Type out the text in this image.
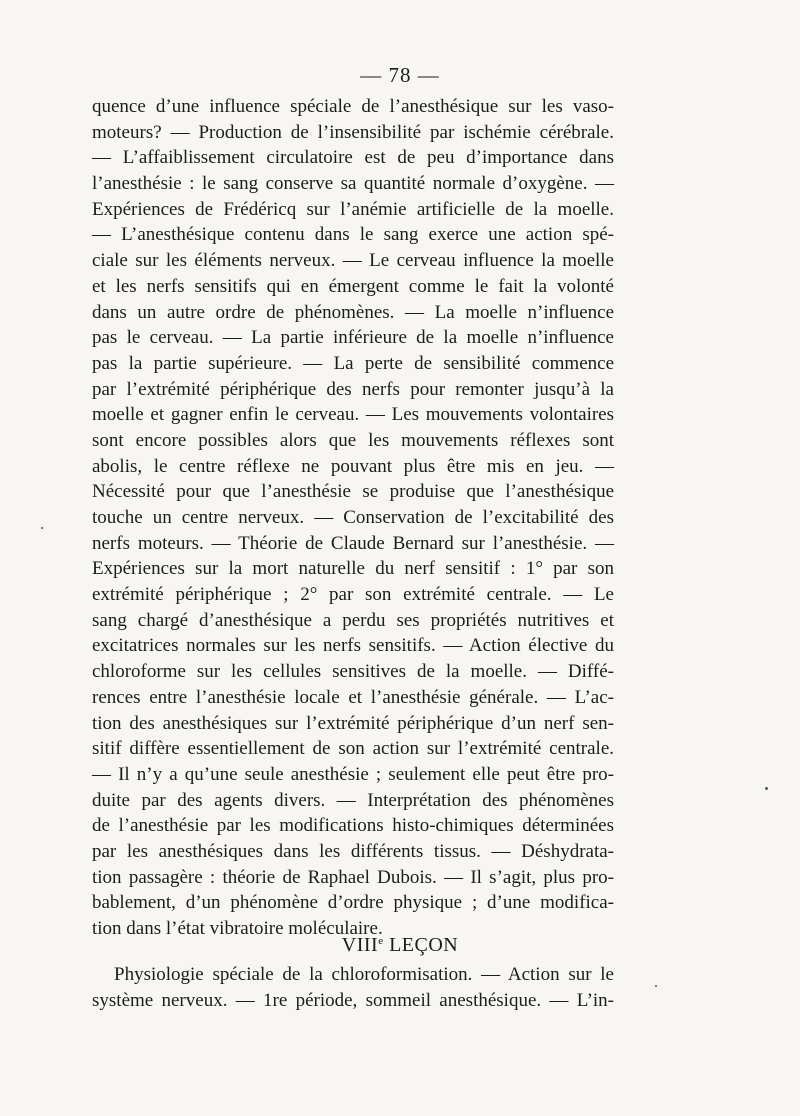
— 78 —
quence d’une influence spéciale de l’anesthésique sur les vaso-
moteurs? — Production de l’insensibilité par ischémie cérébrale.
— L’affaiblissement circulatoire est de peu d’importance dans
l’anesthésie : le sang conserve sa quantité normale d’oxygène. —
Expériences de Frédéricq sur l’anémie artificielle de la moelle.
— L’anesthésique contenu dans le sang exerce une action spé-
ciale sur les éléments nerveux. — Le cerveau influence la moelle
et les nerfs sensitifs qui en émergent comme le fait la volonté
dans un autre ordre de phénomènes. — La moelle n’influence
pas le cerveau. — La partie inférieure de la moelle n’influence
pas la partie supérieure. — La perte de sensibilité commence
par l’extrémité périphérique des nerfs pour remonter jusqu’à la
moelle et gagner enfin le cerveau. — Les mouvements volontaires
sont encore possibles alors que les mouvements réflexes sont
abolis, le centre réflexe ne pouvant plus être mis en jeu. —
Nécessité pour que l’anesthésie se produise que l’anesthésique
touche un centre nerveux. — Conservation de l’excitabilité des
nerfs moteurs. — Théorie de Claude Bernard sur l’anesthésie. —
Expériences sur la mort naturelle du nerf sensitif : 1° par son
extrémité périphérique ; 2° par son extrémité centrale. — Le
sang chargé d’anesthésique a perdu ses propriétés nutritives et
excitatrices normales sur les nerfs sensitifs. — Action élective du
chloroforme sur les cellules sensitives de la moelle. — Diffé-
rences entre l’anesthésie locale et l’anesthésie générale. — L’ac-
tion des anesthésiques sur l’extrémité périphérique d’un nerf sen-
sitif diffère essentiellement de son action sur l’extrémité centrale.
— Il n’y a qu’une seule anesthésie ; seulement elle peut être pro-
duite par des agents divers. — Interprétation des phénomènes
de l’anesthésie par les modifications histo-chimiques déterminées
par les anesthésiques dans les différents tissus. — Déshydrata-
tion passagère : théorie de Raphael Dubois. — Il s’agit, plus pro-
bablement, d’un phénomène d’ordre physique ; d’une modifica-
tion dans l’état vibratoire moléculaire.
VIIIe LEÇON
Physiologie spéciale de la chloroformisation. — Action sur le
système nerveux. — 1re période, sommeil anesthésique. — L’in-
